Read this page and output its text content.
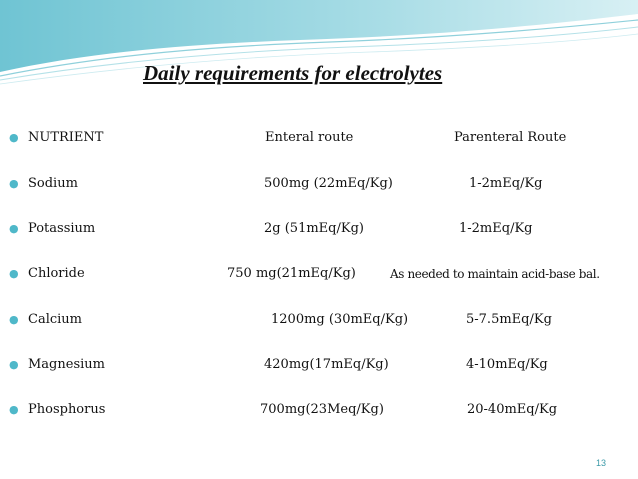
Daily requirements for electrolytes
● NUTRIENT	Enteral route	Parenteral Route
● Sodium	500mg (22mEq/Kg)	1-2mEq/Kg
● Potassium	2g (51mEq/Kg)	1-2mEq/Kg
● Chloride	750 mg(21mEq/Kg)	As needed to maintain acid-base bal.
● Calcium	1200mg (30mEq/Kg)	5-7.5mEq/Kg
● Magnesium	420mg(17mEq/Kg)	4-10mEq/Kg
● Phosphorus	700mg(23Meq/Kg)	20-40mEq/Kg
13
